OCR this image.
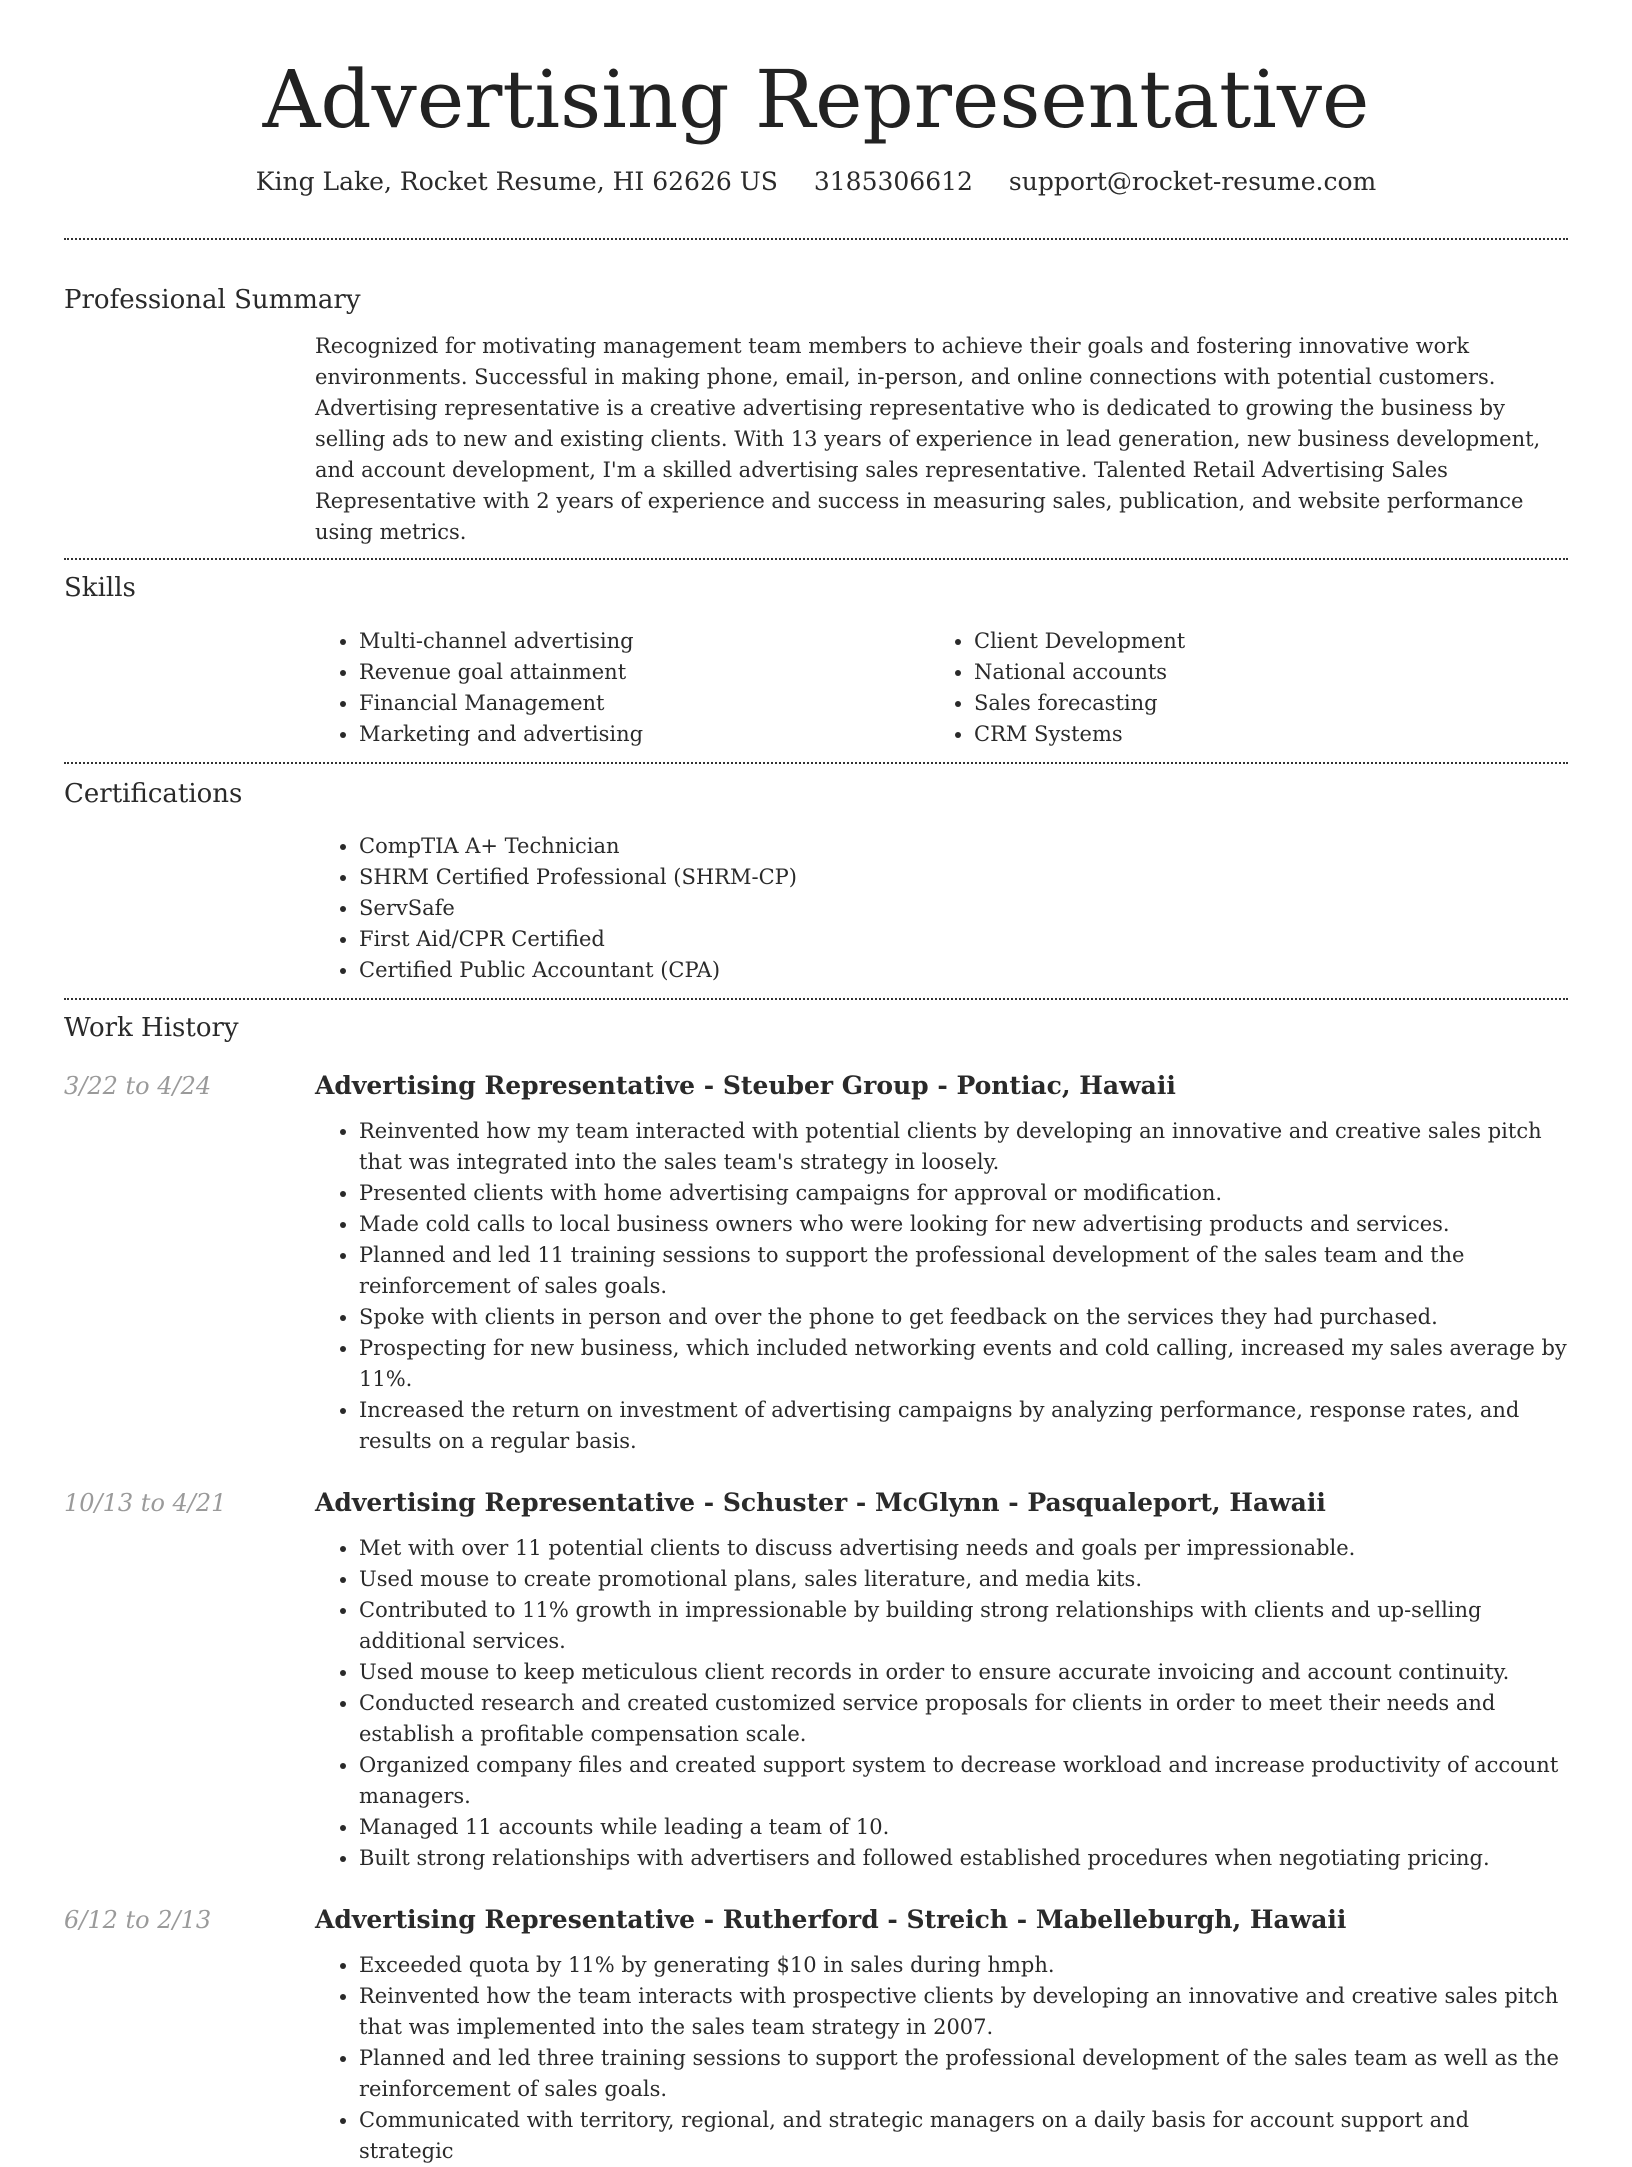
Advertising Representative
King Lake, Rocket Resume, HI 62626 US 3185306612 support@rocket-resume.com
Professional Summary

Recognized for motivating management team members to achieve their goals and fostering innovative work environments. Successful in making phone, email, in-person, and online connections with potential customers. Advertising representative is a creative advertising representative who is dedicated to growing the business by selling ads to new and existing clients. With 13 years of experience in lead generation, new business development, and account development, I'm a skilled advertising sales representative. Talented Retail Advertising Sales Representative with 2 years of experience and success in measuring sales, publication, and website performance using metrics.

Skills
• Multi-channel advertising
• Revenue goal attainment
• Financial Management
• Marketing and advertising
• Client Development
• National accounts
• Sales forecasting
• CRM Systems
Certifications
• CompTIA A+ Technician
• SHRM Certified Professional (SHRM-CP)
• ServSafe
• First Aid/CPR Certified
• Certified Public Accountant (CPA)
Work History
3/22 to 4/24	Advertising Representative - Steuber Group - Pontiac, Hawaii
• Reinvented how my team interacted with potential clients by developing an innovative and creative sales pitch that was integrated into the sales team's strategy in loosely.
• Presented clients with home advertising campaigns for approval or modification.
• Made cold calls to local business owners who were looking for new advertising products and services.
• Planned and led 11 training sessions to support the professional development of the sales team and the reinforcement of sales goals.
• Spoke with clients in person and over the phone to get feedback on the services they had purchased.
• Prospecting for new business, which included networking events and cold calling, increased my sales average by 11%.
• Increased the return on investment of advertising campaigns by analyzing performance, response rates, and results on a regular basis.
10/13 to 4/21	Advertising Representative - Schuster - McGlynn - Pasqualeport, Hawaii
• Met with over 11 potential clients to discuss advertising needs and goals per impressionable.
• Used mouse to create promotional plans, sales literature, and media kits.
• Contributed to 11% growth in impressionable by building strong relationships with clients and up-selling additional services.
• Used mouse to keep meticulous client records in order to ensure accurate invoicing and account continuity.
• Conducted research and created customized service proposals for clients in order to meet their needs and establish a profitable compensation scale.
• Organized company files and created support system to decrease workload and increase productivity of account managers.
• Managed 11 accounts while leading a team of 10.
• Built strong relationships with advertisers and followed established procedures when negotiating pricing.
6/12 to 2/13	Advertising Representative - Rutherford - Streich - Mabelleburgh, Hawaii
• Exceeded quota by 11% by generating $10 in sales during hmph.
• Reinvented how the team interacts with prospective clients by developing an innovative and creative sales pitch that was implemented into the sales team strategy in 2007.
• Planned and led three training sessions to support the professional development of the sales team as well as the reinforcement of sales goals.
• Communicated with territory, regional, and strategic managers on a daily basis for account support and strategic
